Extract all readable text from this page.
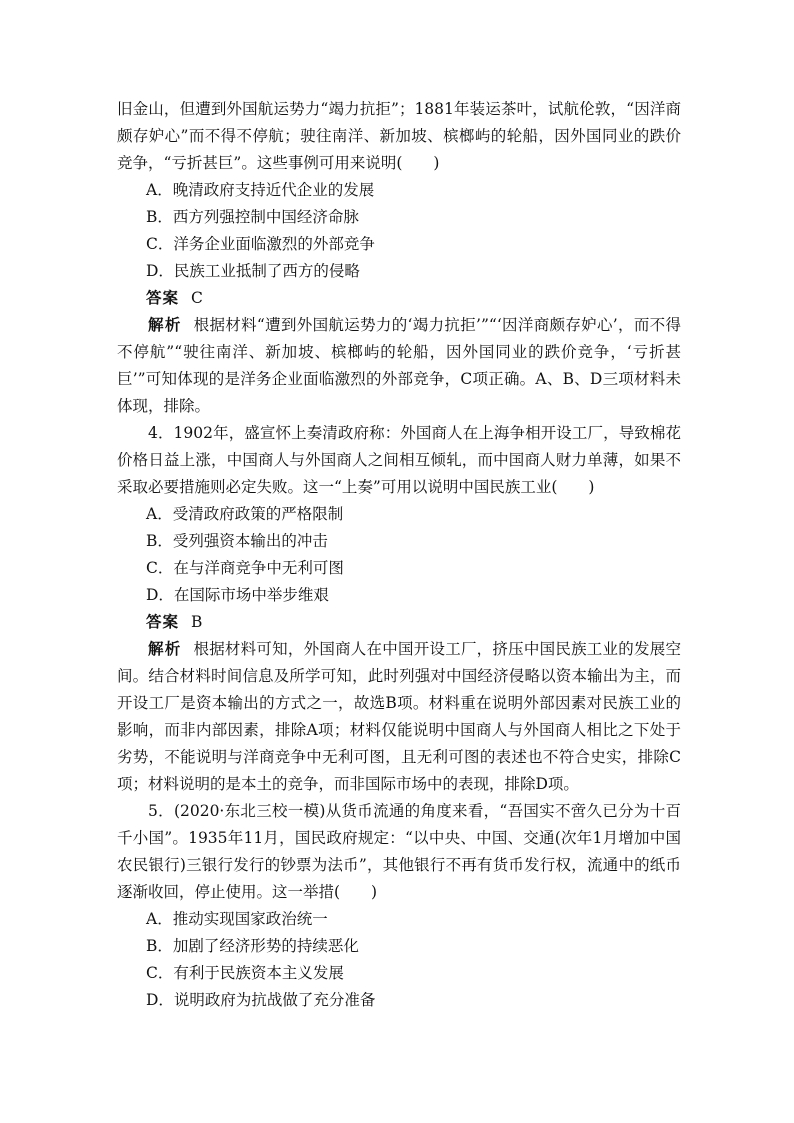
旧金山，但遭到外国航运势力“竭力抗拒”；1881年装运茶叶，试航伦敦，“因洋商颇存妒心”而不得不停航；驶往南洋、新加坡、槟榔屿的轮船，因外国同业的跌价竞争，“亏折甚巨”。这些事例可用来说明(　　)

A．晚清政府支持近代企业的发展

B．西方列强控制中国经济命脉

C．洋务企业面临激烈的外部竞争

D．民族工业抵制了西方的侵略

答案 C

解析 根据材料“遭到外国航运势力的‘竭力抗拒’”“‘因洋商颇存妒心’，而不得不停航”“驶往南洋、新加坡、槟榔屿的轮船，因外国同业的跌价竞争，‘亏折甚巨’”可知体现的是洋务企业面临激烈的外部竞争，C项正确。A、B、D三项材料未体现，排除。

4．1902年，盛宣怀上奏清政府称：外国商人在上海争相开设工厂，导致棉花价格日益上涨，中国商人与外国商人之间相互倾轧，而中国商人财力单薄，如果不采取必要措施则必定失败。这一“上奏”可用以说明中国民族工业(　　)

A．受清政府政策的严格限制

B．受列强资本输出的冲击

C．在与洋商竞争中无利可图

D．在国际市场中举步维艰

答案 B

解析 根据材料可知，外国商人在中国开设工厂，挤压中国民族工业的发展空间。结合材料时间信息及所学可知，此时列强对中国经济侵略以资本输出为主，而开设工厂是资本输出的方式之一，故选B项。材料重在说明外部因素对民族工业的影响，而非内部因素，排除A项；材料仅能说明中国商人与外国商人相比之下处于劣势，不能说明与洋商竞争中无利可图，且无利可图的表述也不符合史实，排除C项；材料说明的是本土的竞争，而非国际市场中的表现，排除D项。

5．(2020·东北三校一模)从货币流通的角度来看，“吾国实不啻久已分为十百千小国”。1935年11月，国民政府规定：“以中央、中国、交通(次年1月增加中国农民银行)三银行发行的钞票为法币”，其他银行不再有货币发行权，流通中的纸币逐渐收回，停止使用。这一举措(　　)

A．推动实现国家政治统一

B．加剧了经济形势的持续恶化

C．有利于民族资本主义发展

D．说明政府为抗战做了充分准备
